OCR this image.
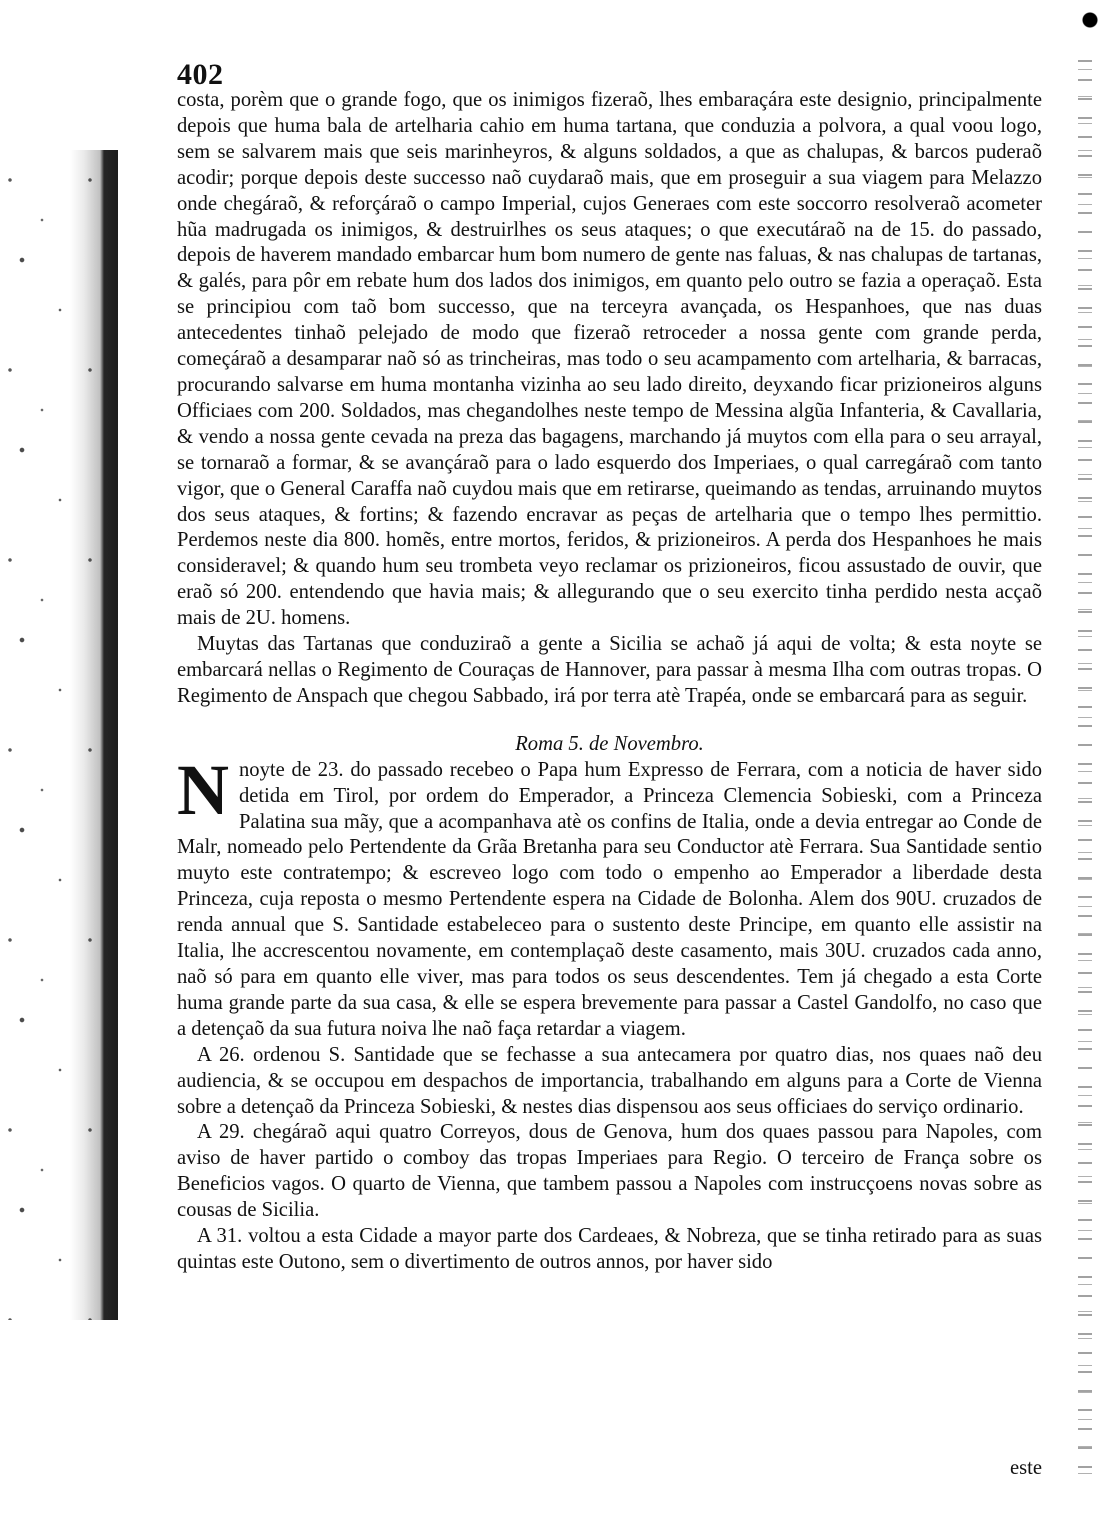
402

costa, porèm que o grande fogo, que os inimigos fizeraõ, lhes embaraçára este designio, principalmente depois que huma bala de artelharia cahio em huma tartana, que conduzia a polvora, a qual voou logo, sem se salvarem mais que seis marinheyros, & alguns soldados, a que as chalupas, & barcos puderaõ acodir; porque depois deste successo naõ cuydaraõ mais, que em proseguir a sua viagem para Melazzo onde chegáraõ, & reforçáraõ o campo Imperial, cujos Generaes com este soccorro resolveraõ acometer hũa madrugada os inimigos, & destruirlhes os seus ataques; o que executáraõ na de 15. do passado, depois de haverem mandado embarcar hum bom numero de gente nas faluas, & nas chalupas de tartanas, & galés, para pôr em rebate hum dos lados dos inimigos, em quanto pelo outro se fazia a operaçaõ. Esta se principiou com taõ bom successo, que na terceyra avançada, os Hespanhoes, que nas duas antecedentes tinhaõ pelejado de modo que fizeraõ retroceder a nossa gente com grande perda, começáraõ a desamparar naõ só as trincheiras, mas todo o seu acampamento com artelharia, & barracas, procurando salvarse em huma montanha vizinha ao seu lado direito, deyxando ficar prizioneiros alguns Officiaes com 200. Soldados, mas chegandolhes neste tempo de Messina algũa Infanteria, & Cavallaria, & vendo a nossa gente cevada na preza das bagagens, marchando já muytos com ella para o seu arrayal, se tornaraõ a formar, & se avançáraõ para o lado esquerdo dos Imperiaes, o qual carregáraõ com tanto vigor, que o General Caraffa naõ cuydou mais que em retirarse, queimando as tendas, arruinando muytos dos seus ataques, & fortins; & fazendo encravar as peças de artelharia que o tempo lhes permittio. Perdemos neste dia 800. homẽs, entre mortos, feridos, & prizioneiros. A perda dos Hespanhoes he mais consideravel; & quando hum seu trombeta veyo reclamar os prizioneiros, ficou assustado de ouvir, que eraõ só 200. entendendo que havia mais; & allegurando que o seu exercito tinha perdido nesta acçaõ mais de 2U. homens.

Muytas das Tartanas que conduziraõ a gente a Sicilia se achaõ já aqui de volta; & esta noyte se embarcará nellas o Regimento de Couraças de Hannover, para passar à mesma Ilha com outras tropas. O Regimento de Anspach que chegou Sabbado, irá por terra atè Trapéa, onde se embarcará para as seguir.

Roma 5. de Novembro.
N noyte de 23. do passado recebeo o Papa hum Expresso de Ferrara, com a noticia de haver sido detida em Tirol, por ordem do Emperador, a Princeza Clemencia Sobieski, com a Princeza Palatina sua mãy, que a acompanhava atè os confins de Italia, onde a devia entregar ao Conde de Malr, nomeado pelo Pertendente da Grãa Bretanha para seu Conductor atè Ferrara. Sua Santidade sentio muyto este contratempo; & escreveo logo com todo o empenho ao Emperador a liberdade desta Princeza, cuja reposta o mesmo Pertendente espera na Cidade de Bolonha. Alem dos 90U. cruzados de renda annual que S. Santidade estabeleceo para o sustento deste Principe, em quanto elle assistir na Italia, lhe accrescentou novamente, em contemplaçaõ deste casamento, mais 30U. cruzados cada anno, naõ só para em quanto elle viver, mas para todos os seus descendentes. Tem já chegado a esta Corte huma grande parte da sua casa, & elle se espera brevemente para passar a Castel Gandolfo, no caso que a detençaõ da sua futura noiva lhe naõ faça retardar a viagem.

A 26. ordenou S. Santidade que se fechasse a sua antecamera por quatro dias, nos quaes naõ deu audiencia, & se occupou em despachos de importancia, trabalhando em alguns para a Corte de Vienna sobre a detençaõ da Princeza Sobieski, & nestes dias dispensou aos seus officiaes do serviço ordinario.

A 29. chegáraõ aqui quatro Correyos, dous de Genova, hum dos quaes passou para Napoles, com aviso de haver partido o comboy das tropas Imperiaes para Regio. O terceiro de França sobre os Beneficios vagos. O quarto de Vienna, que tambem passou a Napoles com instrucçoens novas sobre as cousas de Sicilia.

A 31. voltou a esta Cidade a mayor parte dos Cardeaes, & Nobreza, que se tinha retirado para as suas quintas este Outono, sem o divertimento de outros annos, por haver sido

este
